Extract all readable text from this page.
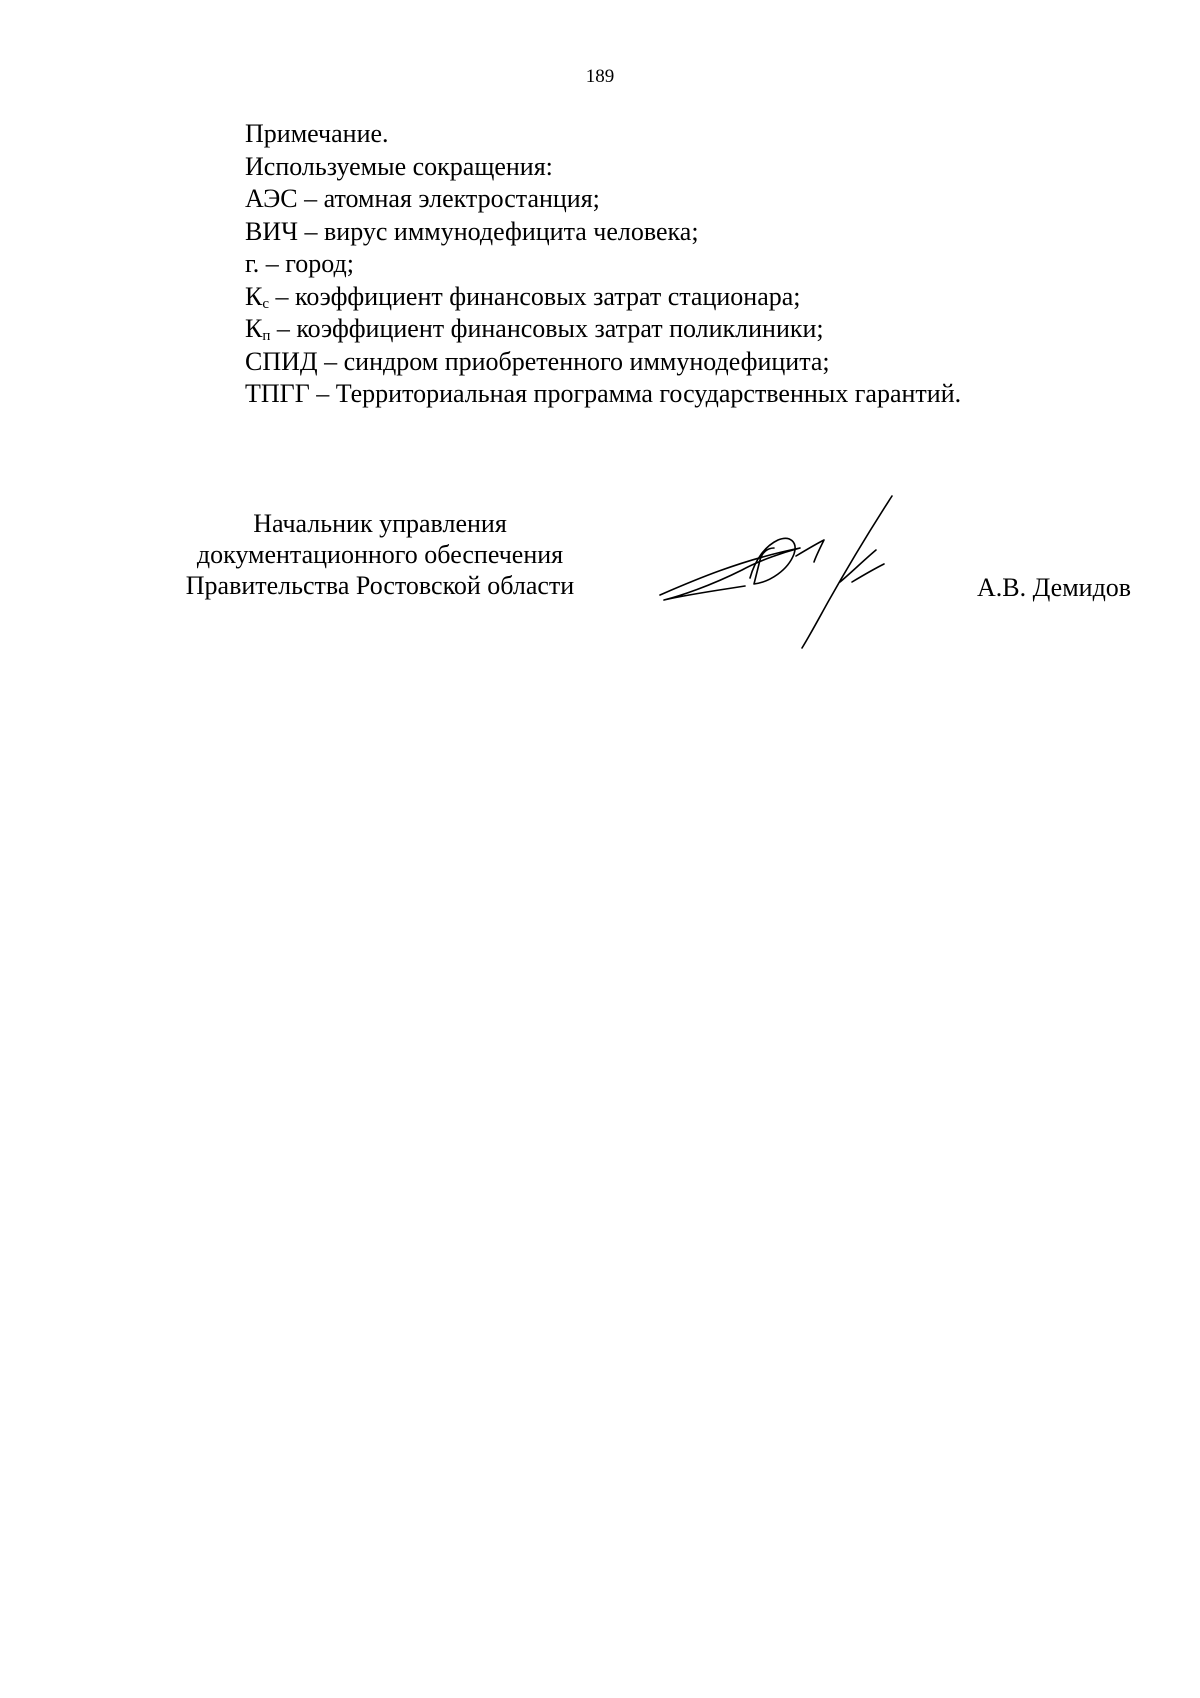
189
Примечание.
Используемые сокращения:
АЭС – атомная электростанция;
ВИЧ – вирус иммунодефицита человека;
г. – город;
$К_с$ – коэффициент финансовых затрат стационара;
$К_п$ – коэффициент финансовых затрат поликлиники;
СПИД – синдром приобретенного иммунодефицита;
ТПГГ – Территориальная программа государственных гарантий.
Начальник управления
документационного обеспечения
Правительства Ростовской области	А.В. Демидов
